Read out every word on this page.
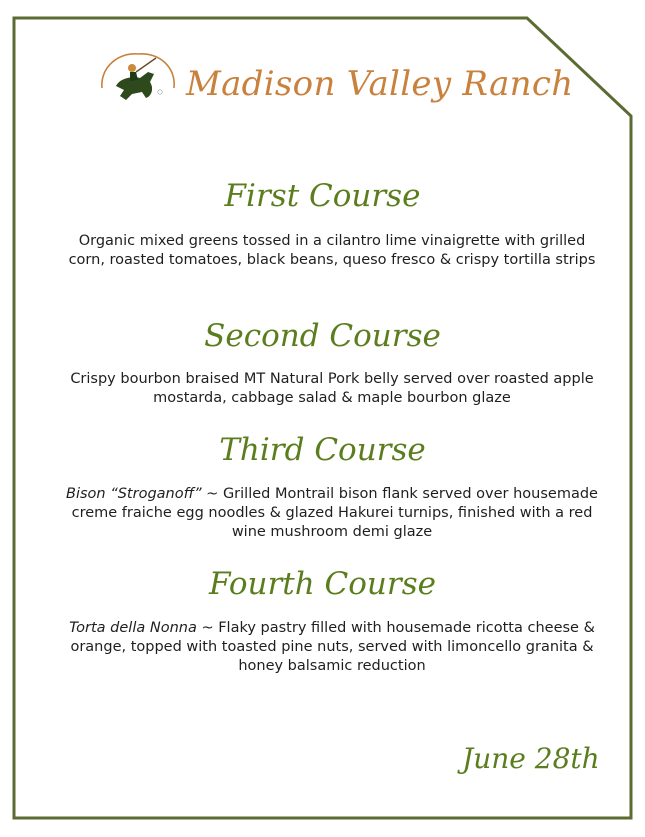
Madison Valley Ranch
First Course
Organic mixed greens tossed in a cilantro lime vinaigrette with grilled corn, roasted tomatoes, black beans, queso fresco & crispy tortilla strips
Second Course
Crispy bourbon braised MT Natural Pork belly served over roasted apple mostarda, cabbage salad & maple bourbon glaze
Third Course
Bison “Stroganoff” ~ Grilled Montrail bison flank served over housemade creme fraiche egg noodles & glazed Hakurei turnips, finished with a red wine mushroom demi glaze
Fourth Course
Torta della Nonna ~ Flaky pastry filled with housemade ricotta cheese & orange, topped with toasted pine nuts, served with limoncello granita & honey balsamic reduction
June 28th
